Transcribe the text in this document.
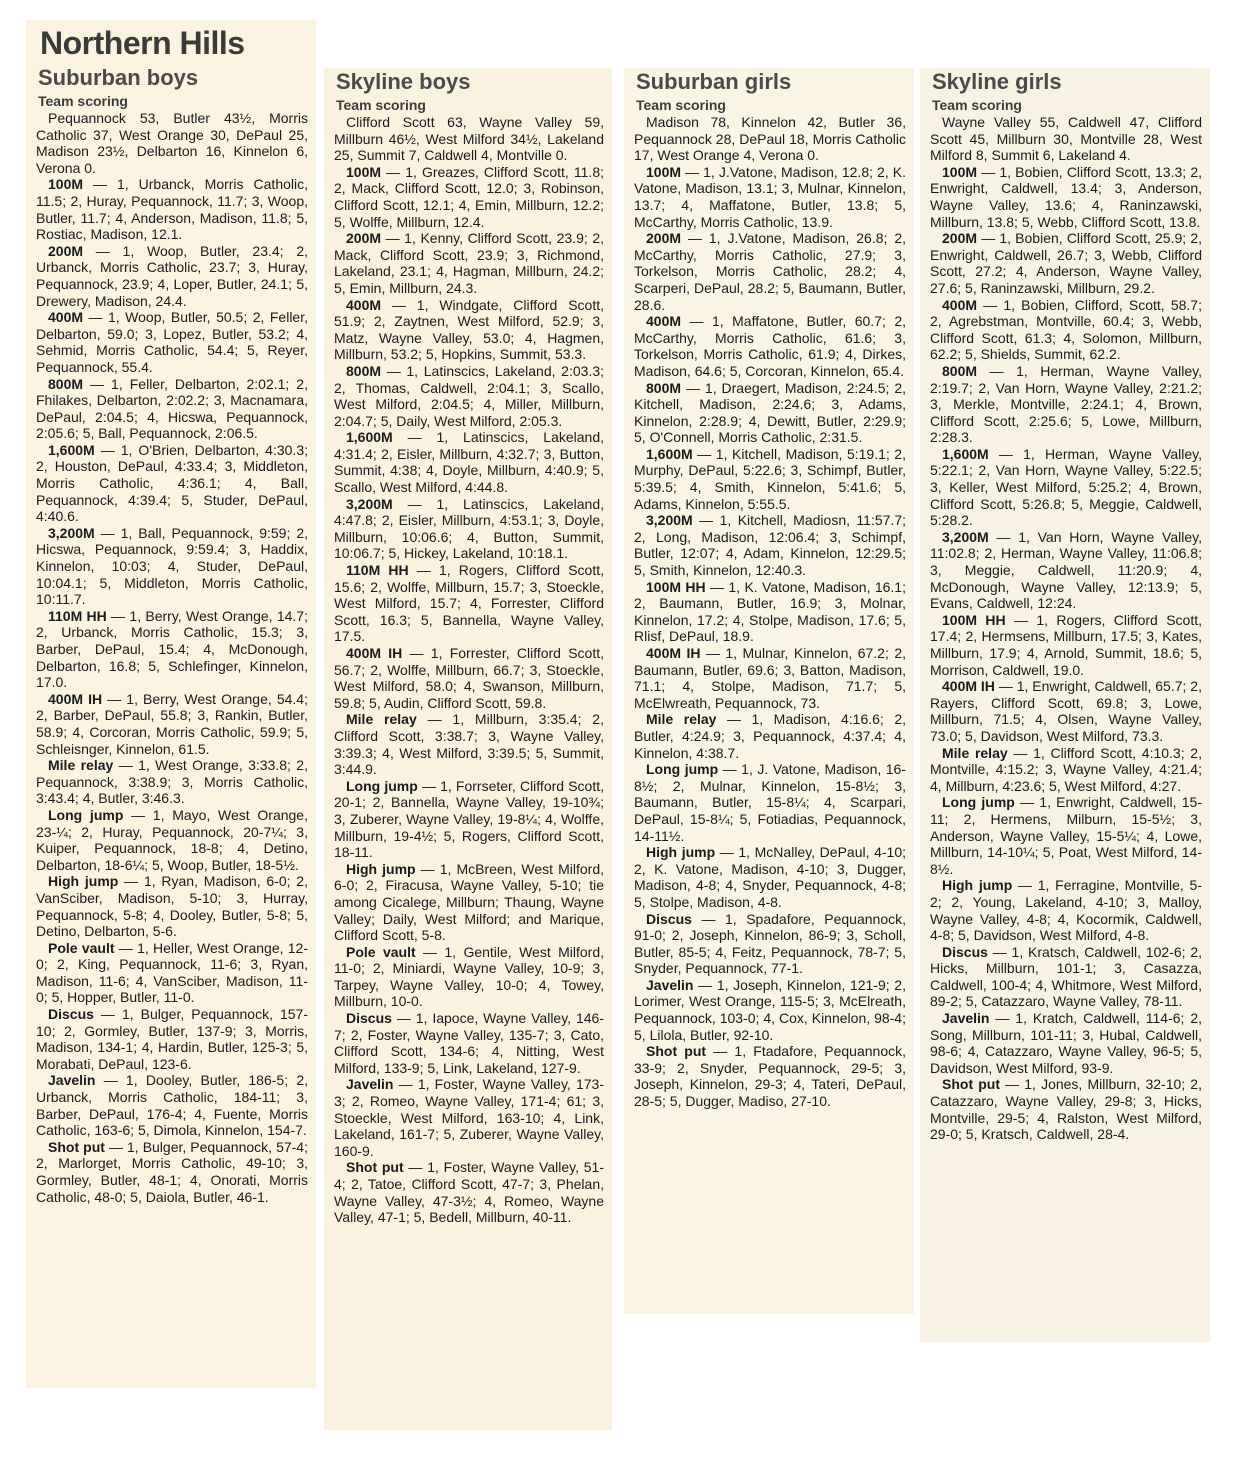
Northern Hills
Suburban boys
Team scoring

Pequannock 53, Butler 43½, Morris Catholic 37, West Orange 30, DePaul 25, Madison 23½, Delbarton 16, Kinnelon 6, Verona 0.

100M — 1, Urbanck, Morris Catholic, 11.5; 2, Huray, Pequannock, 11.7; 3, Woop, Butler, 11.7; 4, Anderson, Madison, 11.8; 5, Rostiac, Madison, 12.1.

200M — 1, Woop, Butler, 23.4; 2, Urbanck, Morris Catholic, 23.7; 3, Huray, Pequannock, 23.9; 4, Loper, Butler, 24.1; 5, Drewery, Madison, 24.4.

400M — 1, Woop, Butler, 50.5; 2, Feller, Delbarton, 59.0; 3, Lopez, Butler, 53.2; 4, Sehmid, Morris Catholic, 54.4; 5, Reyer, Pequannock, 55.4.

800M — 1, Feller, Delbarton, 2:02.1; 2, Fhilakes, Delbarton, 2:02.2; 3, Macnamara, DePaul, 2:04.5; 4, Hicswa, Pequannock, 2:05.6; 5, Ball, Pequannock, 2:06.5.

1,600M — 1, O'Brien, Delbarton, 4:30.3; 2, Houston, DePaul, 4:33.4; 3, Middleton, Morris Catholic, 4:36.1; 4, Ball, Pequannock, 4:39.4; 5, Studer, DePaul, 4:40.6.

3,200M — 1, Ball, Pequannock, 9:59; 2, Hicswa, Pequannock, 9:59.4; 3, Haddix, Kinnelon, 10:03; 4, Studer, DePaul, 10:04.1; 5, Middleton, Morris Catholic, 10:11.7.

110M HH — 1, Berry, West Orange, 14.7; 2, Urbanck, Morris Catholic, 15.3; 3, Barber, DePaul, 15.4; 4, McDonough, Delbarton, 16.8; 5, Schlefinger, Kinnelon, 17.0.

400M IH — 1, Berry, West Orange, 54.4; 2, Barber, DePaul, 55.8; 3, Rankin, Butler, 58.9; 4, Corcoran, Morris Catholic, 59.9; 5, Schleisnger, Kinnelon, 61.5.

Mile relay — 1, West Orange, 3:33.8; 2, Pequannock, 3:38.9; 3, Morris Catholic, 3:43.4; 4, Butler, 3:46.3.

Long jump — 1, Mayo, West Orange, 23-¼; 2, Huray, Pequannock, 20-7¼; 3, Kuiper, Pequannock, 18-8; 4, Detino, Delbarton, 18-6¼; 5, Woop, Butler, 18-5½.

High jump — 1, Ryan, Madison, 6-0; 2, VanSciber, Madison, 5-10; 3, Hurray, Pequannock, 5-8; 4, Dooley, Butler, 5-8; 5, Detino, Delbarton, 5-6.

Pole vault — 1, Heller, West Orange, 12-0; 2, King, Pequannock, 11-6; 3, Ryan, Madison, 11-6; 4, VanSciber, Madison, 11-0; 5, Hopper, Butler, 11-0.

Discus — 1, Bulger, Pequannock, 157-10; 2, Gormley, Butler, 137-9; 3, Morris, Madison, 134-1; 4, Hardin, Butler, 125-3; 5, Morabati, DePaul, 123-6.

Javelin — 1, Dooley, Butler, 186-5; 2, Urbanck, Morris Catholic, 184-11; 3, Barber, DePaul, 176-4; 4, Fuente, Morris Catholic, 163-6; 5, Dimola, Kinnelon, 154-7.

Shot put — 1, Bulger, Pequannock, 57-4; 2, Marlorget, Morris Catholic, 49-10; 3, Gormley, Butler, 48-1; 4, Onorati, Morris Catholic, 48-0; 5, Daiola, Butler, 46-1.

Skyline boys
Team scoring

Clifford Scott 63, Wayne Valley 59, Millburn 46½, West Milford 34½, Lakeland 25, Summit 7, Caldwell 4, Montville 0.

100M — 1, Greazes, Clifford Scott, 11.8; 2, Mack, Clifford Scott, 12.0; 3, Robinson, Clifford Scott, 12.1; 4, Emin, Millburn, 12.2; 5, Wolffe, Millburn, 12.4.

200M — 1, Kenny, Clifford Scott, 23.9; 2, Mack, Clifford Scott, 23.9; 3, Richmond, Lakeland, 23.1; 4, Hagman, Millburn, 24.2; 5, Emin, Millburn, 24.3.

400M — 1, Windgate, Clifford Scott, 51.9; 2, Zaytnen, West Milford, 52.9; 3, Matz, Wayne Valley, 53.0; 4, Hagmen, Millburn, 53.2; 5, Hopkins, Summit, 53.3.

800M — 1, Latinscics, Lakeland, 2:03.3; 2, Thomas, Caldwell, 2:04.1; 3, Scallo, West Milford, 2:04.5; 4, Miller, Millburn, 2:04.7; 5, Daily, West Milford, 2:05.3.

1,600M — 1, Latinscics, Lakeland, 4:31.4; 2, Eisler, Millburn, 4:32.7; 3, Button, Summit, 4:38; 4, Doyle, Millburn, 4:40.9; 5, Scallo, West Milford, 4:44.8.

3,200M — 1, Latinscics, Lakeland, 4:47.8; 2, Eisler, Millburn, 4:53.1; 3, Doyle, Millburn, 10:06.6; 4, Button, Summit, 10:06.7; 5, Hickey, Lakeland, 10:18.1.

110M HH — 1, Rogers, Clifford Scott, 15.6; 2, Wolffe, Millburn, 15.7; 3, Stoeckle, West Milford, 15.7; 4, Forrester, Clifford Scott, 16.3; 5, Bannella, Wayne Valley, 17.5.

400M IH — 1, Forrester, Clifford Scott, 56.7; 2, Wolffe, Millburn, 66.7; 3, Stoeckle, West Milford, 58.0; 4, Swanson, Millburn, 59.8; 5, Audin, Clifford Scott, 59.8.

Mile relay — 1, Millburn, 3:35.4; 2, Clifford Scott, 3:38.7; 3, Wayne Valley, 3:39.3; 4, West Milford, 3:39.5; 5, Summit, 3:44.9.

Long jump — 1, Forrseter, Clifford Scott, 20-1; 2, Bannella, Wayne Valley, 19-10¾; 3, Zuberer, Wayne Valley, 19-8¼; 4, Wolffe, Millburn, 19-4½; 5, Rogers, Clifford Scott, 18-11.

High jump — 1, McBreen, West Milford, 6-0; 2, Firacusa, Wayne Valley, 5-10; tie among Cicalege, Millburn; Thaung, Wayne Valley; Daily, West Milford; and Marique, Clifford Scott, 5-8.

Pole vault — 1, Gentile, West Milford, 11-0; 2, Miniardi, Wayne Valley, 10-9; 3, Tarpey, Wayne Valley, 10-0; 4, Towey, Millburn, 10-0.

Discus — 1, Iapoce, Wayne Valley, 146-7; 2, Foster, Wayne Valley, 135-7; 3, Cato, Clifford Scott, 134-6; 4, Nitting, West Milford, 133-9; 5, Link, Lakeland, 127-9.

Javelin — 1, Foster, Wayne Valley, 173-3; 2, Romeo, Wayne Valley, 171-4; 61; 3, Stoeckle, West Milford, 163-10; 4, Link, Lakeland, 161-7; 5, Zuberer, Wayne Valley, 160-9.

Shot put — 1, Foster, Wayne Valley, 51-4; 2, Tatoe, Clifford Scott, 47-7; 3, Phelan, Wayne Valley, 47-3½; 4, Romeo, Wayne Valley, 47-1; 5, Bedell, Millburn, 40-11.

Suburban girls
Team scoring

Madison 78, Kinnelon 42, Butler 36, Pequannock 28, DePaul 18, Morris Catholic 17, West Orange 4, Verona 0.

100M — 1, J.Vatone, Madison, 12.8; 2, K. Vatone, Madison, 13.1; 3, Mulnar, Kinnelon, 13.7; 4, Maffatone, Butler, 13.8; 5, McCarthy, Morris Catholic, 13.9.

200M — 1, J.Vatone, Madison, 26.8; 2, McCarthy, Morris Catholic, 27.9; 3, Torkelson, Morris Catholic, 28.2; 4, Scarperi, DePaul, 28.2; 5, Baumann, Butler, 28.6.

400M — 1, Maffatone, Butler, 60.7; 2, McCarthy, Morris Catholic, 61.6; 3, Torkelson, Morris Catholic, 61.9; 4, Dirkes, Madison, 64.6; 5, Corcoran, Kinnelon, 65.4.

800M — 1, Draegert, Madison, 2:24.5; 2, Kitchell, Madison, 2:24.6; 3, Adams, Kinnelon, 2:28.9; 4, Dewitt, Butler, 2:29.9; 5, O'Connell, Morris Catholic, 2:31.5.

1,600M — 1, Kitchell, Madison, 5:19.1; 2, Murphy, DePaul, 5:22.6; 3, Schimpf, Butler, 5:39.5; 4, Smith, Kinnelon, 5:41.6; 5, Adams, Kinnelon, 5:55.5.

3,200M — 1, Kitchell, Madiosn, 11:57.7; 2, Long, Madison, 12:06.4; 3, Schimpf, Butler, 12:07; 4, Adam, Kinnelon, 12:29.5; 5, Smith, Kinnelon, 12:40.3.

100M HH — 1, K. Vatone, Madison, 16.1; 2, Baumann, Butler, 16.9; 3, Molnar, Kinnelon, 17.2; 4, Stolpe, Madison, 17.6; 5, Rlisf, DePaul, 18.9.

400M IH — 1, Mulnar, Kinnelon, 67.2; 2, Baumann, Butler, 69.6; 3, Batton, Madison, 71.1; 4, Stolpe, Madison, 71.7; 5, McElwreath, Pequannock, 73.

Mile relay — 1, Madison, 4:16.6; 2, Butler, 4:24.9; 3, Pequannock, 4:37.4; 4, Kinnelon, 4:38.7.

Long jump — 1, J. Vatone, Madison, 16-8½; 2, Mulnar, Kinnelon, 15-8½; 3, Baumann, Butler, 15-8¼; 4, Scarpari, DePaul, 15-8¼; 5, Fotiadias, Pequannock, 14-11½.

High jump — 1, McNalley, DePaul, 4-10; 2, K. Vatone, Madison, 4-10; 3, Dugger, Madison, 4-8; 4, Snyder, Pequannock, 4-8; 5, Stolpe, Madison, 4-8.

Discus — 1, Spadafore, Pequannock, 91-0; 2, Joseph, Kinnelon, 86-9; 3, Scholl, Butler, 85-5; 4, Feitz, Pequannock, 78-7; 5, Snyder, Pequannock, 77-1.

Javelin — 1, Joseph, Kinnelon, 121-9; 2, Lorimer, West Orange, 115-5; 3, McElreath, Pequannock, 103-0; 4, Cox, Kinnelon, 98-4; 5, Lilola, Butler, 92-10.

Shot put — 1, Ftadafore, Pequannock, 33-9; 2, Snyder, Pequannock, 29-5; 3, Joseph, Kinnelon, 29-3; 4, Tateri, DePaul, 28-5; 5, Dugger, Madiso, 27-10.

Skyline girls
Team scoring

Wayne Valley 55, Caldwell 47, Clifford Scott 45, Millburn 30, Montville 28, West Milford 8, Summit 6, Lakeland 4.

100M — 1, Bobien, Clifford Scott, 13.3; 2, Enwright, Caldwell, 13.4; 3, Anderson, Wayne Valley, 13.6; 4, Raninzawski, Millburn, 13.8; 5, Webb, Clifford Scott, 13.8.

200M — 1, Bobien, Clifford Scott, 25.9; 2, Enwright, Caldwell, 26.7; 3, Webb, Clifford Scott, 27.2; 4, Anderson, Wayne Valley, 27.6; 5, Raninzawski, Millburn, 29.2.

400M — 1, Bobien, Clifford, Scott, 58.7; 2, Agrebstman, Montville, 60.4; 3, Webb, Clifford Scott, 61.3; 4, Solomon, Millburn, 62.2; 5, Shields, Summit, 62.2.

800M — 1, Herman, Wayne Valley, 2:19.7; 2, Van Horn, Wayne Valley, 2:21.2; 3, Merkle, Montville, 2:24.1; 4, Brown, Clifford Scott, 2:25.6; 5, Lowe, Millburn, 2:28.3.

1,600M — 1, Herman, Wayne Valley, 5:22.1; 2, Van Horn, Wayne Valley, 5:22.5; 3, Keller, West Milford, 5:25.2; 4, Brown, Clifford Scott, 5:26.8; 5, Meggie, Caldwell, 5:28.2.

3,200M — 1, Van Horn, Wayne Valley, 11:02.8; 2, Herman, Wayne Valley, 11:06.8; 3, Meggie, Caldwell, 11:20.9; 4, McDonough, Wayne Valley, 12:13.9; 5, Evans, Caldwell, 12:24.

100M HH — 1, Rogers, Clifford Scott, 17.4; 2, Hermsens, Millburn, 17.5; 3, Kates, Millburn, 17.9; 4, Arnold, Summit, 18.6; 5, Morrison, Caldwell, 19.0.

400M IH — 1, Enwright, Caldwell, 65.7; 2, Rayers, Clifford Scott, 69.8; 3, Lowe, Millburn, 71.5; 4, Olsen, Wayne Valley, 73.0; 5, Davidson, West Milford, 73.3.

Mile relay — 1, Clifford Scott, 4:10.3; 2, Montville, 4:15.2; 3, Wayne Valley, 4:21.4; 4, Millburn, 4:23.6; 5, West Milford, 4:27.

Long jump — 1, Enwright, Caldwell, 15-11; 2, Hermens, Milburn, 15-5½; 3, Anderson, Wayne Valley, 15-5¼; 4, Lowe, Millburn, 14-10¼; 5, Poat, West Milford, 14-8½.

High jump — 1, Ferragine, Montville, 5-2; 2, Young, Lakeland, 4-10; 3, Malloy, Wayne Valley, 4-8; 4, Kocormik, Caldwell, 4-8; 5, Davidson, West Milford, 4-8.

Discus — 1, Kratsch, Caldwell, 102-6; 2, Hicks, Millburn, 101-1; 3, Casazza, Caldwell, 100-4; 4, Whitmore, West Milford, 89-2; 5, Catazzaro, Wayne Valley, 78-11.

Javelin — 1, Kratch, Caldwell, 114-6; 2, Song, Millburn, 101-11; 3, Hubal, Caldwell, 98-6; 4, Catazzaro, Wayne Valley, 96-5; 5, Davidson, West Milford, 93-9.

Shot put — 1, Jones, Millburn, 32-10; 2, Catazzaro, Wayne Valley, 29-8; 3, Hicks, Montville, 29-5; 4, Ralston, West Milford, 29-0; 5, Kratsch, Caldwell, 28-4.
